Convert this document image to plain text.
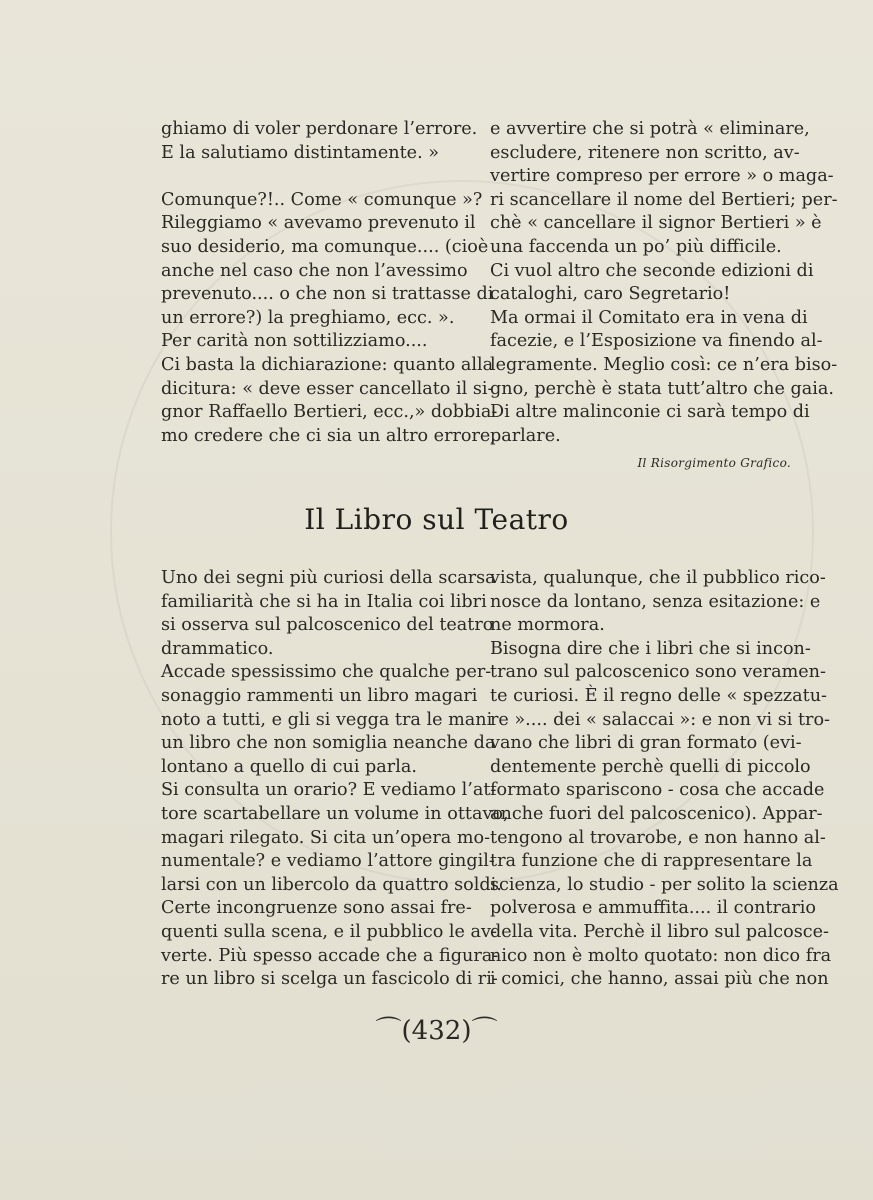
ghiamo di voler perdonare l’errore.

E la salutiamo distintamente. »

Comunque?!.. Come « comunque »?

Rileggiamo « avevamo prevenuto il

suo desiderio, ma comunque.... (cioè

anche nel caso che non l’avessimo

prevenuto.... o che non si trattasse di

un errore?) la preghiamo, ecc. ».

Per carità non sottilizziamo....

Ci basta la dichiarazione: quanto alla

dicitura: « deve esser cancellato il si-

gnor Raffaello Bertieri, ecc.,» dobbia-

mo credere che ci sia un altro errore,

e avvertire che si potrà « eliminare,

escludere, ritenere non scritto, av-

vertire compreso per errore » o maga-

ri scancellare il nome del Bertieri; per-

chè « cancellare il signor Bertieri » è

una faccenda un po’ più difficile.

Ci vuol altro che seconde edizioni di

cataloghi, caro Segretario!

Ma ormai il Comitato era in vena di

facezie, e l’Esposizione va finendo al-

legramente. Meglio così: ce n’era biso-

gno, perchè è stata tutt’altro che gaia.

Di altre malinconie ci sarà tempo di

parlare.

Il Risorgimento Grafico.
Il Libro sul Teatro

Uno dei segni più curiosi della scarsa

familiarità che si ha in Italia coi libri

si osserva sul palcoscenico del teatro

drammatico.

Accade spessissimo che qualche per-

sonaggio rammenti un libro magari

noto a tutti, e gli si vegga tra le mani

un libro che non somiglia neanche da

lontano a quello di cui parla.

Si consulta un orario? E vediamo l’at-

tore scartabellare un volume in ottavo,

magari rilegato. Si cita un’opera mo-

numentale? e vediamo l’attore gingil-

larsi con un libercolo da quattro soldi.

Certe incongruenze sono assai fre-

quenti sulla scena, e il pubblico le av-

verte. Più spesso accade che a figura-

re un libro si scelga un fascicolo di ri-

vista, qualunque, che il pubblico rico-

nosce da lontano, senza esitazione: e

ne mormora.

Bisogna dire che i libri che si incon-

trano sul palcoscenico sono veramen-

te curiosi. È il regno delle « spezzatu-

re ».... dei « salaccai »: e non vi si tro-

vano che libri di gran formato (evi-

dentemente perchè quelli di piccolo

formato spariscono - cosa che accade

anche fuori del palcoscenico). Appar-

tengono al trovarobe, e non hanno al-

tra funzione che di rappresentare la

scienza, lo studio - per solito la scienza

polverosa e ammuffita.... il contrario

della vita. Perchè il libro sul palcosce-

nico non è molto quotato: non dico fra

i comici, che hanno, assai più che non

⌒(432)⌒
